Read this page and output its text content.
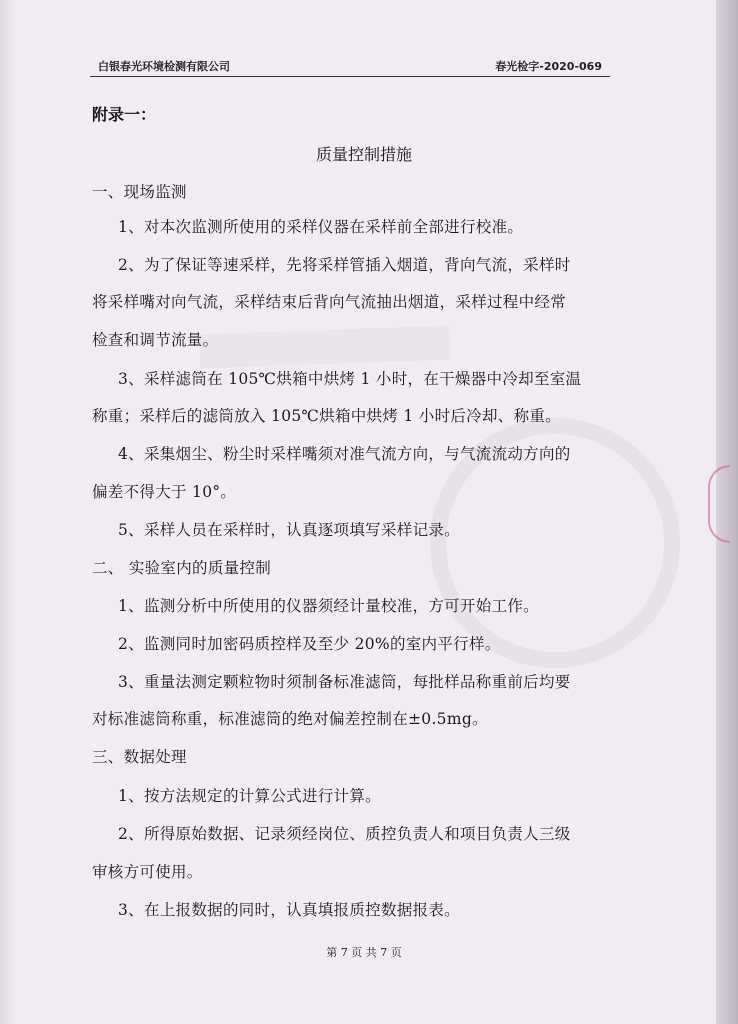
白银春光环境检测有限公司	春光检字-2020-069
附录一：
质量控制措施
一、现场监测
1、对本次监测所使用的采样仪器在采样前全部进行校准。
2、为了保证等速采样，先将采样管插入烟道，背向气流，采样时
将采样嘴对向气流，采样结束后背向气流抽出烟道，采样过程中经常
检查和调节流量。
3、采样滤筒在 105℃烘箱中烘烤 1 小时，在干燥器中冷却至室温
称重；采样后的滤筒放入 105℃烘箱中烘烤 1 小时后冷却、称重。
4、采集烟尘、粉尘时采样嘴须对准气流方向，与气流流动方向的
偏差不得大于 10°。
5、采样人员在采样时，认真逐项填写采样记录。
二、 实验室内的质量控制
1、监测分析中所使用的仪器须经计量校准，方可开始工作。
2、监测同时加密码质控样及至少 20%的室内平行样。
3、重量法测定颗粒物时须制备标准滤筒，每批样品称重前后均要
对标准滤筒称重，标准滤筒的绝对偏差控制在±0.5mg。
三、数据处理
1、按方法规定的计算公式进行计算。
2、所得原始数据、记录须经岗位、质控负责人和项目负责人三级
审核方可使用。
3、在上报数据的同时，认真填报质控数据报表。
第 7 页 共 7 页
